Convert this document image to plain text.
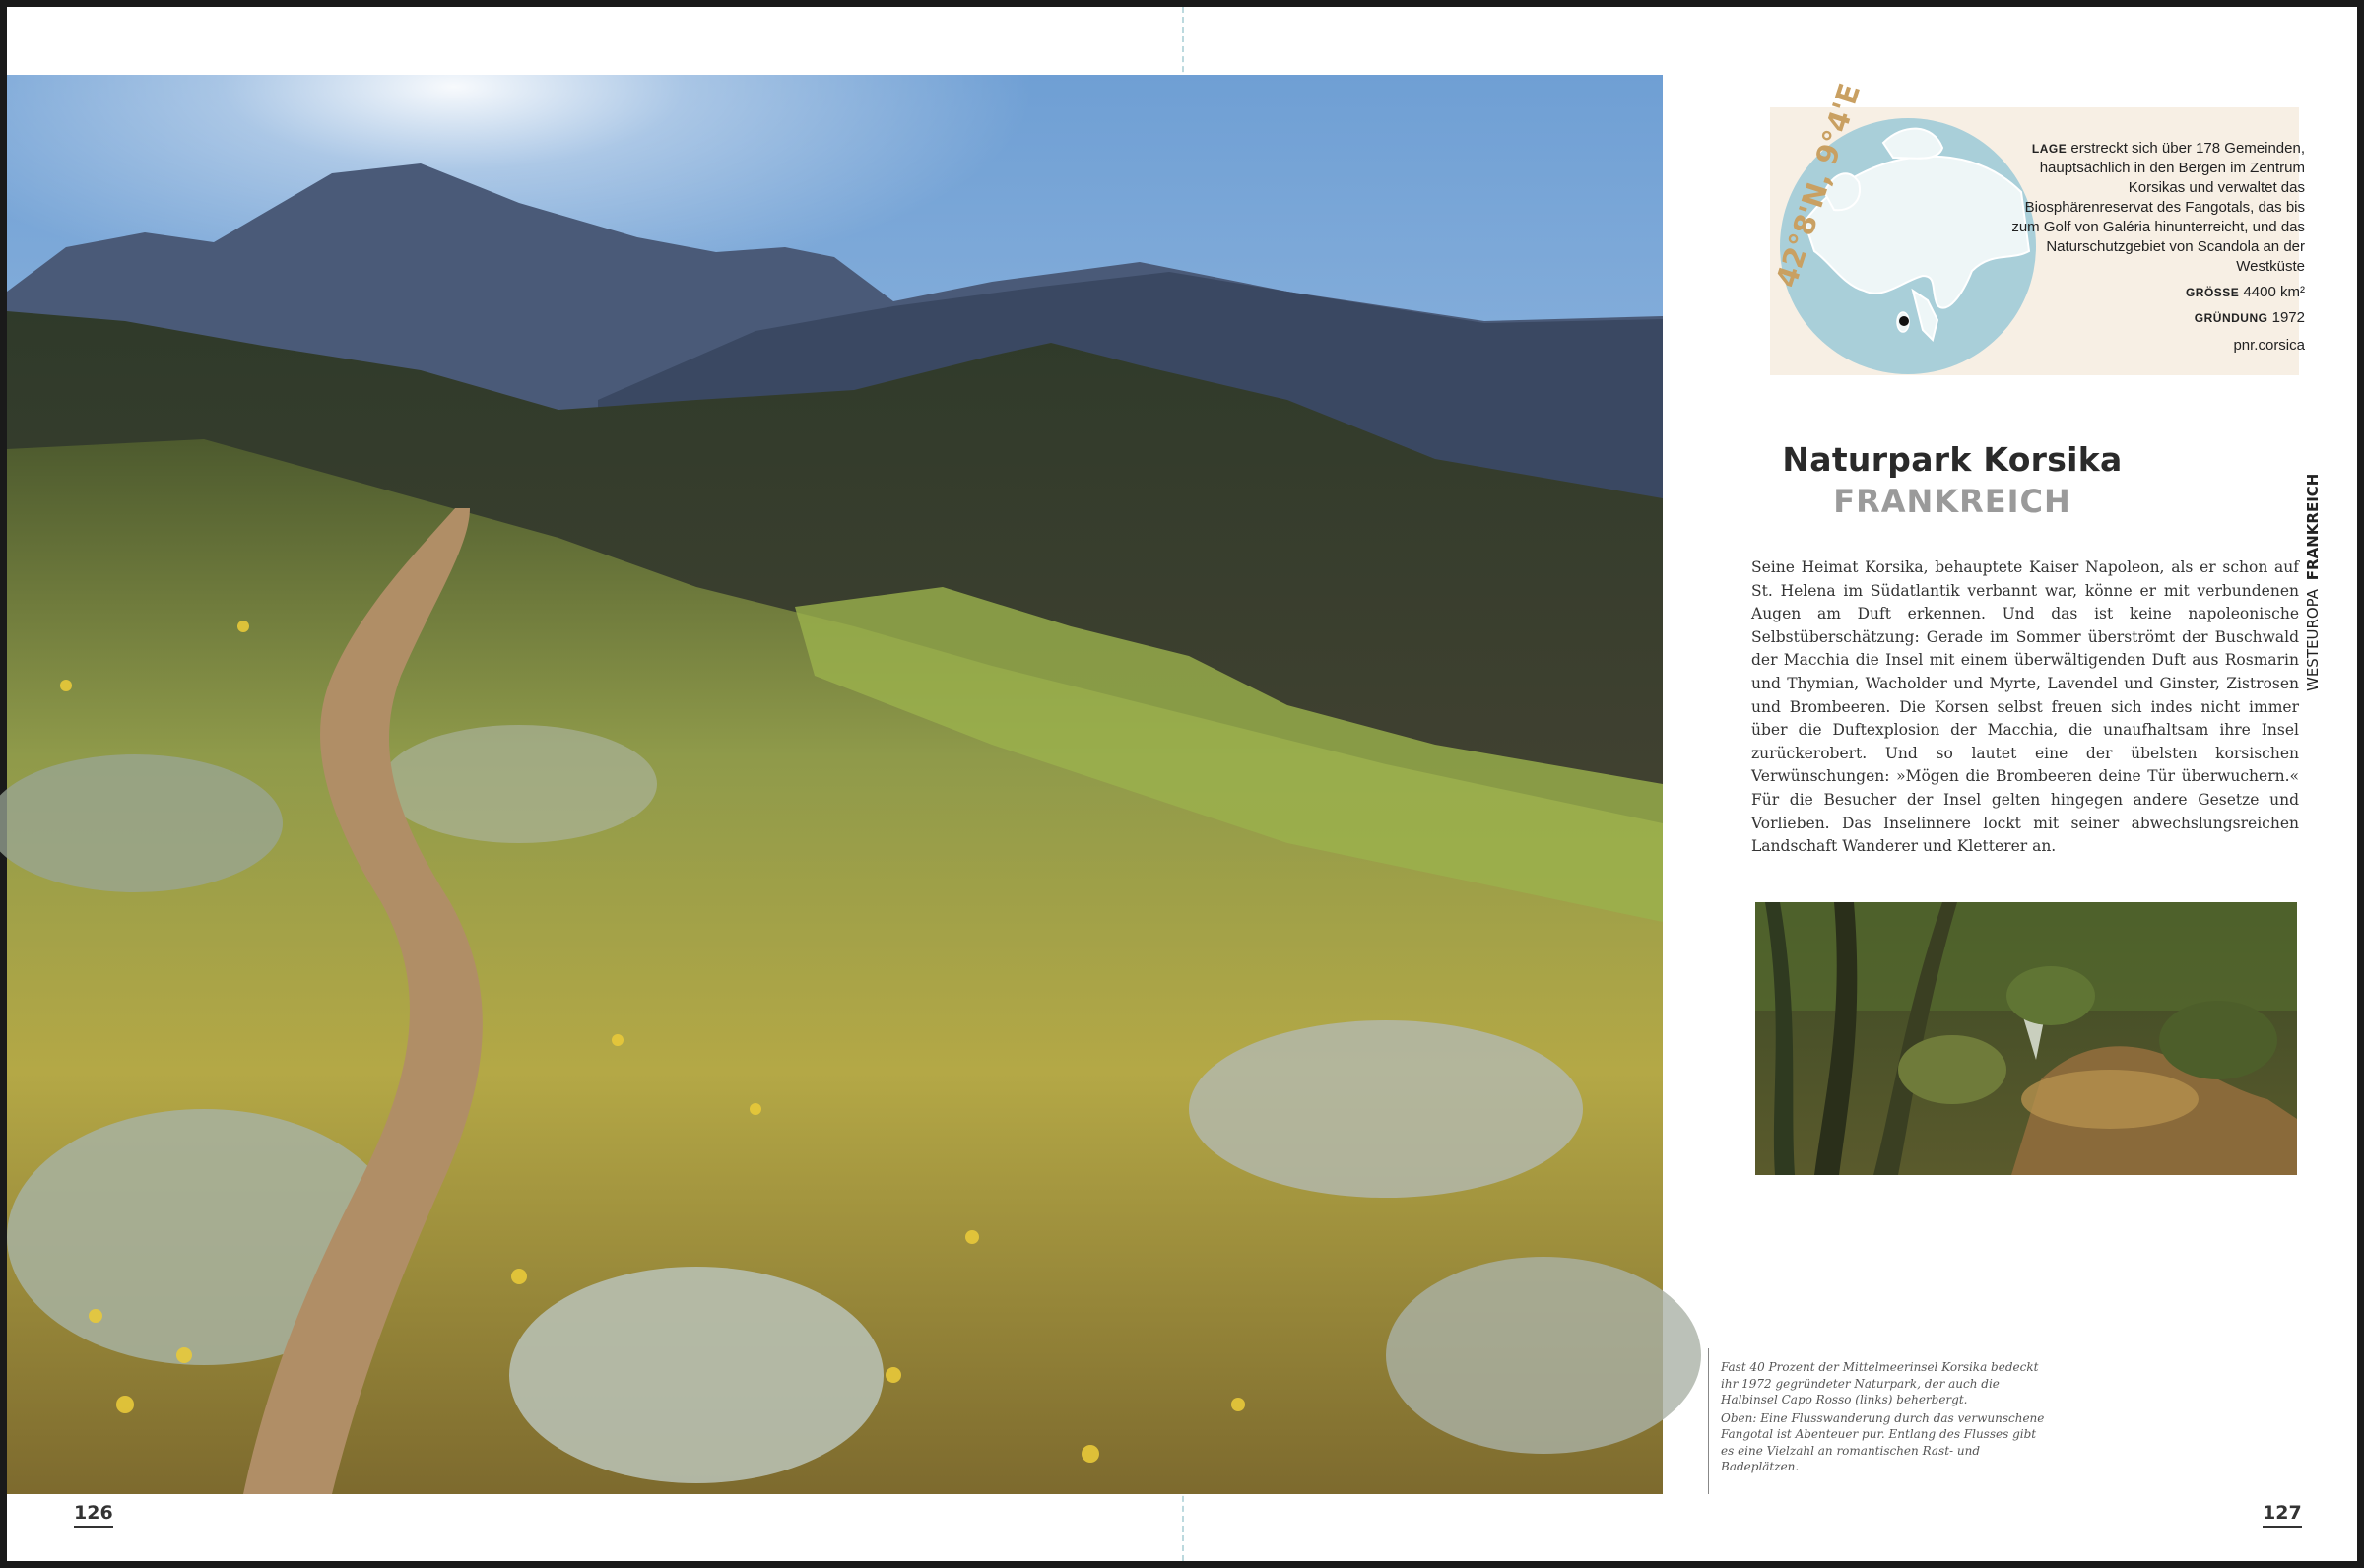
126	127
42°8'N, 9°4'E	LAGE erstreckt sich über 178 Gemeinden, hauptsächlich in den Bergen im Zentrum Korsikas und verwaltet das Biosphärenreservat des Fangotals, das bis zum Golf von Galéria hinunterreicht, und das Naturschutzgebiet von Scandola an der Westküste
GRÖSSE 4400 km²
GRÜNDUNG 1972
pnr.corsica
Naturpark Korsika
FRANKREICH
WESTEUROPA FRANKREICH
Seine Heimat Korsika, behauptete Kaiser Napoleon, als er schon auf St. Helena im Südatlantik verbannt war, könne er mit verbundenen Augen am Duft erkennen. Und das ist keine napoleonische Selbstüberschätzung: Gerade im Sommer überströmt der Buschwald der Macchia die Insel mit einem überwältigenden Duft aus Rosmarin und Thymian, Wacholder und Myrte, Lavendel und Ginster, Zistrosen und Brombeeren. Die Korsen selbst freuen sich indes nicht immer über die Duftexplosion der Macchia, die unaufhaltsam ihre Insel zurückerobert. Und so lautet eine der übelsten korsischen Verwünschungen: »Mögen die Brombeeren deine Tür überwuchern.« Für die Besucher der Insel gelten hingegen andere Gesetze und Vorlieben. Das Inselinnere lockt mit seiner abwechslungsreichen Landschaft Wanderer und Kletterer an.

Fast 40 Prozent der Mittelmeerinsel Korsika bedeckt ihr 1972 gegründeter Naturpark, der auch die Halbinsel Capo Rosso (links) beherbergt.

Oben: Eine Flusswanderung durch das verwunschene Fangotal ist Abenteuer pur. Entlang des Flusses gibt es eine Vielzahl an romantischen Rast- und Badeplätzen.
